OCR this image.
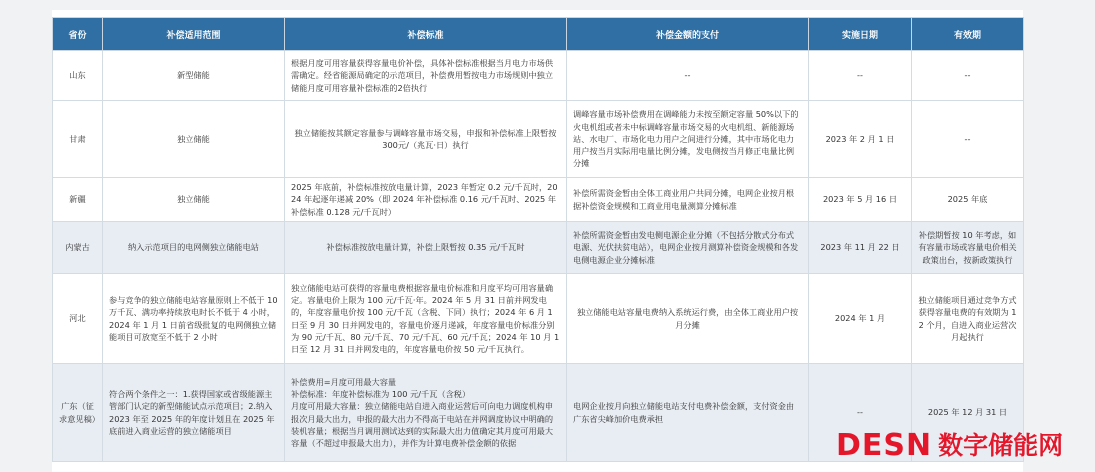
省份	补偿适用范围	补偿标准	补偿金额的支付	实施日期	有效期
山东	新型储能	根据月度可用容量获得容量电价补偿，具体补偿标准根据当月电力市场供需确定。经省能源局确定的示范项目，补偿费用暂按电力市场规则中独立储能月度可用容量补偿标准的2倍执行	--	--	--
甘肃	独立储能	独立储能按其额定容量参与调峰容量市场交易，申报和补偿标准上限暂按 300元/（兆瓦·日）执行	调峰容量市场补偿费用在调峰能力未按至额定容量 50%以下的火电机组或者未中标调峰容量市场交易的火电机组、新能源场站、水电厂、市场化电力用户之间进行分摊，其中市场化电力用户按当月实际用电量比例分摊，发电侧按当月修正电量比例分摊	2023 年 2 月 1 日	--
新疆	独立储能	2025 年底前，补偿标准按放电量计算，2023 年暂定 0.2 元/千瓦时，2024 年起逐年递减 20%（即 2024 年补偿标准 0.16 元/千瓦时、2025 年补偿标准 0.128 元/千瓦时）	补偿所需资金暂由全体工商业用户共同分摊，电网企业按月根据补偿资金规模和工商业用电量测算分摊标准	2023 年 5 月 16 日	2025 年底
内蒙古	纳入示范项目的电网侧独立储能电站	补偿标准按放电量计算，补偿上限暂按 0.35 元/千瓦时	补偿所需资金暂由发电侧电源企业分摊（不包括分散式分布式电源、光伏扶贫电站），电网企业按月测算补偿资金规模和各发电侧电源企业分摊标准	2023 年 11 月 22 日	补偿期暂按 10 年考虑，如有容量市场或容量电价相关政策出台，按新政策执行
河北	参与竞争的独立储能电站容量原则上不低于 10 万千瓦、满功率持续放电时长不低于 4 小时，2024 年 1 月 1 日前省级批复的电网侧独立储能项目可放宽至不低于 2 小时	独立储能电站可获得的容量电费根据容量电价标准和月度平均可用容量确定。容量电价上限为 100 元/千瓦·年。2024 年 5 月 31 日前并网发电的，年度容量电价按 100 元/千瓦（含税、下同）执行；2024 年 6 月 1 日至 9 月 30 日并网发电的，容量电价逐月递减，年度容量电价标准分别为 90 元/千瓦、80 元/千瓦、70 元/千瓦、60 元/千瓦；2024 年 10 月 1 日至 12 月 31 日并网发电的，年度容量电价按 50 元/千瓦执行。	独立储能电站容量电费纳入系统运行费，由全体工商业用户按月分摊	2024 年 1 月	独立储能项目通过竞争方式获得容量电费的有效期为 12 个月，自进入商业运营次月起执行
广东（征求意见稿）	符合两个条件之一：1.获得国家或省级能源主管部门认定的新型储能试点示范项目；2.纳入 2023 年至 2025 年的年度计划且在 2025 年底前进入商业运营的独立储能项目	补偿费用=月度可用最大容量
补偿标准：年度补偿标准为 100 元/千瓦（含税）
月度可用最大容量：独立储能电站自进入商业运营后可向电力调度机构申报次月最大出力，申报的最大出力不得高于电站在并网调度协议中明确的装机容量；根据当月调用测试达到的实际最大出力值确定其月度可用最大容量（不超过申报最大出力），并作为计算电费补偿金额的依据	电网企业按月向独立储能电站支付电费补偿金额，支付资金由广东省尖峰加价电费承担	--	2025 年 12 月 31 日
DESN 数字储能网
